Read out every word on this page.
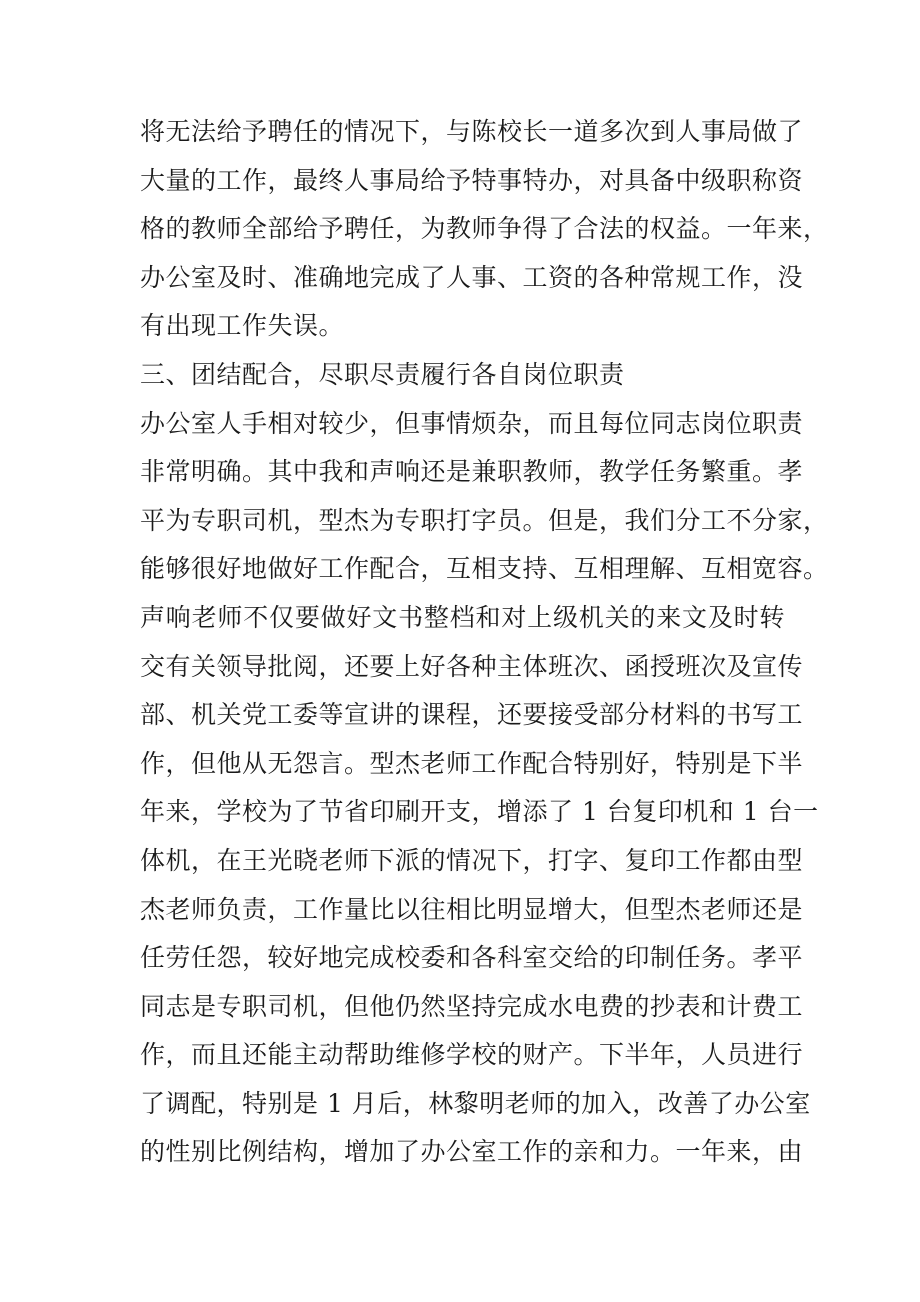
将无法给予聘任的情况下，与陈校长一道多次到人事局做了
大量的工作，最终人事局给予特事特办，对具备中级职称资
格的教师全部给予聘任，为教师争得了合法的权益。一年来，
办公室及时、准确地完成了人事、工资的各种常规工作，没
有出现工作失误。
三、团结配合，尽职尽责履行各自岗位职责
办公室人手相对较少，但事情烦杂，而且每位同志岗位职责
非常明确。其中我和声响还是兼职教师，教学任务繁重。孝
平为专职司机，型杰为专职打字员。但是，我们分工不分家，
能够很好地做好工作配合，互相支持、互相理解、互相宽容。
声响老师不仅要做好文书整档和对上级机关的来文及时转
交有关领导批阅，还要上好各种主体班次、函授班次及宣传
部、机关党工委等宣讲的课程，还要接受部分材料的书写工
作，但他从无怨言。型杰老师工作配合特别好，特别是下半
年来，学校为了节省印刷开支，增添了 1 台复印机和 1 台一
体机，在王光晓老师下派的情况下，打字、复印工作都由型
杰老师负责，工作量比以往相比明显增大，但型杰老师还是
任劳任怨，较好地完成校委和各科室交给的印制任务。孝平
同志是专职司机，但他仍然坚持完成水电费的抄表和计费工
作，而且还能主动帮助维修学校的财产。下半年，人员进行
了调配，特别是 1 月后，林黎明老师的加入，改善了办公室
的性别比例结构，增加了办公室工作的亲和力。一年来，由
